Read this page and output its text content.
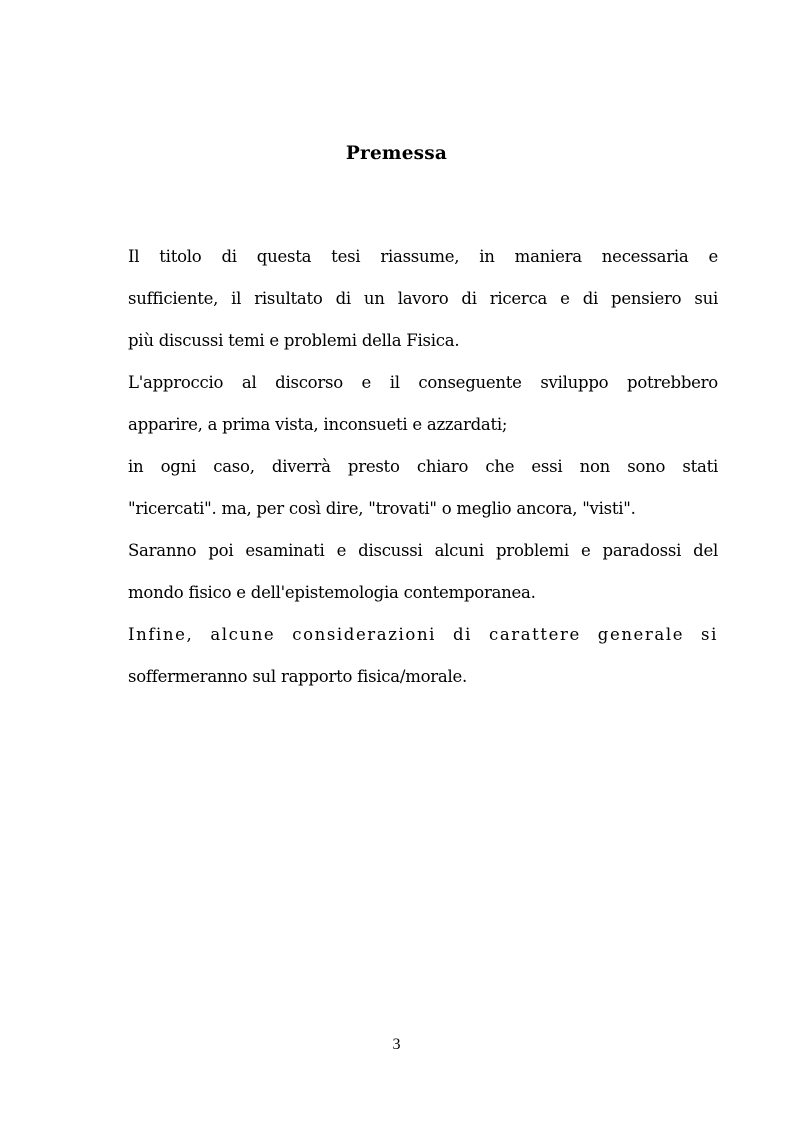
Premessa
Il titolo di questa tesi riassume, in maniera necessaria e
sufficiente, il risultato di un lavoro di ricerca e di pensiero sui
più discussi temi e problemi della Fisica.
L'approccio al discorso e il conseguente sviluppo potrebbero
apparire, a prima vista, inconsueti e azzardati;
in ogni caso, diverrà presto chiaro che essi non sono stati
"ricercati". ma, per così dire, "trovati" o meglio ancora, "visti".
Saranno poi esaminati e discussi alcuni problemi e paradossi del
mondo fisico e dell'epistemologia contemporanea.
Infine, alcune considerazioni di carattere generale si
soffermeranno sul rapporto fisica/morale.
3
